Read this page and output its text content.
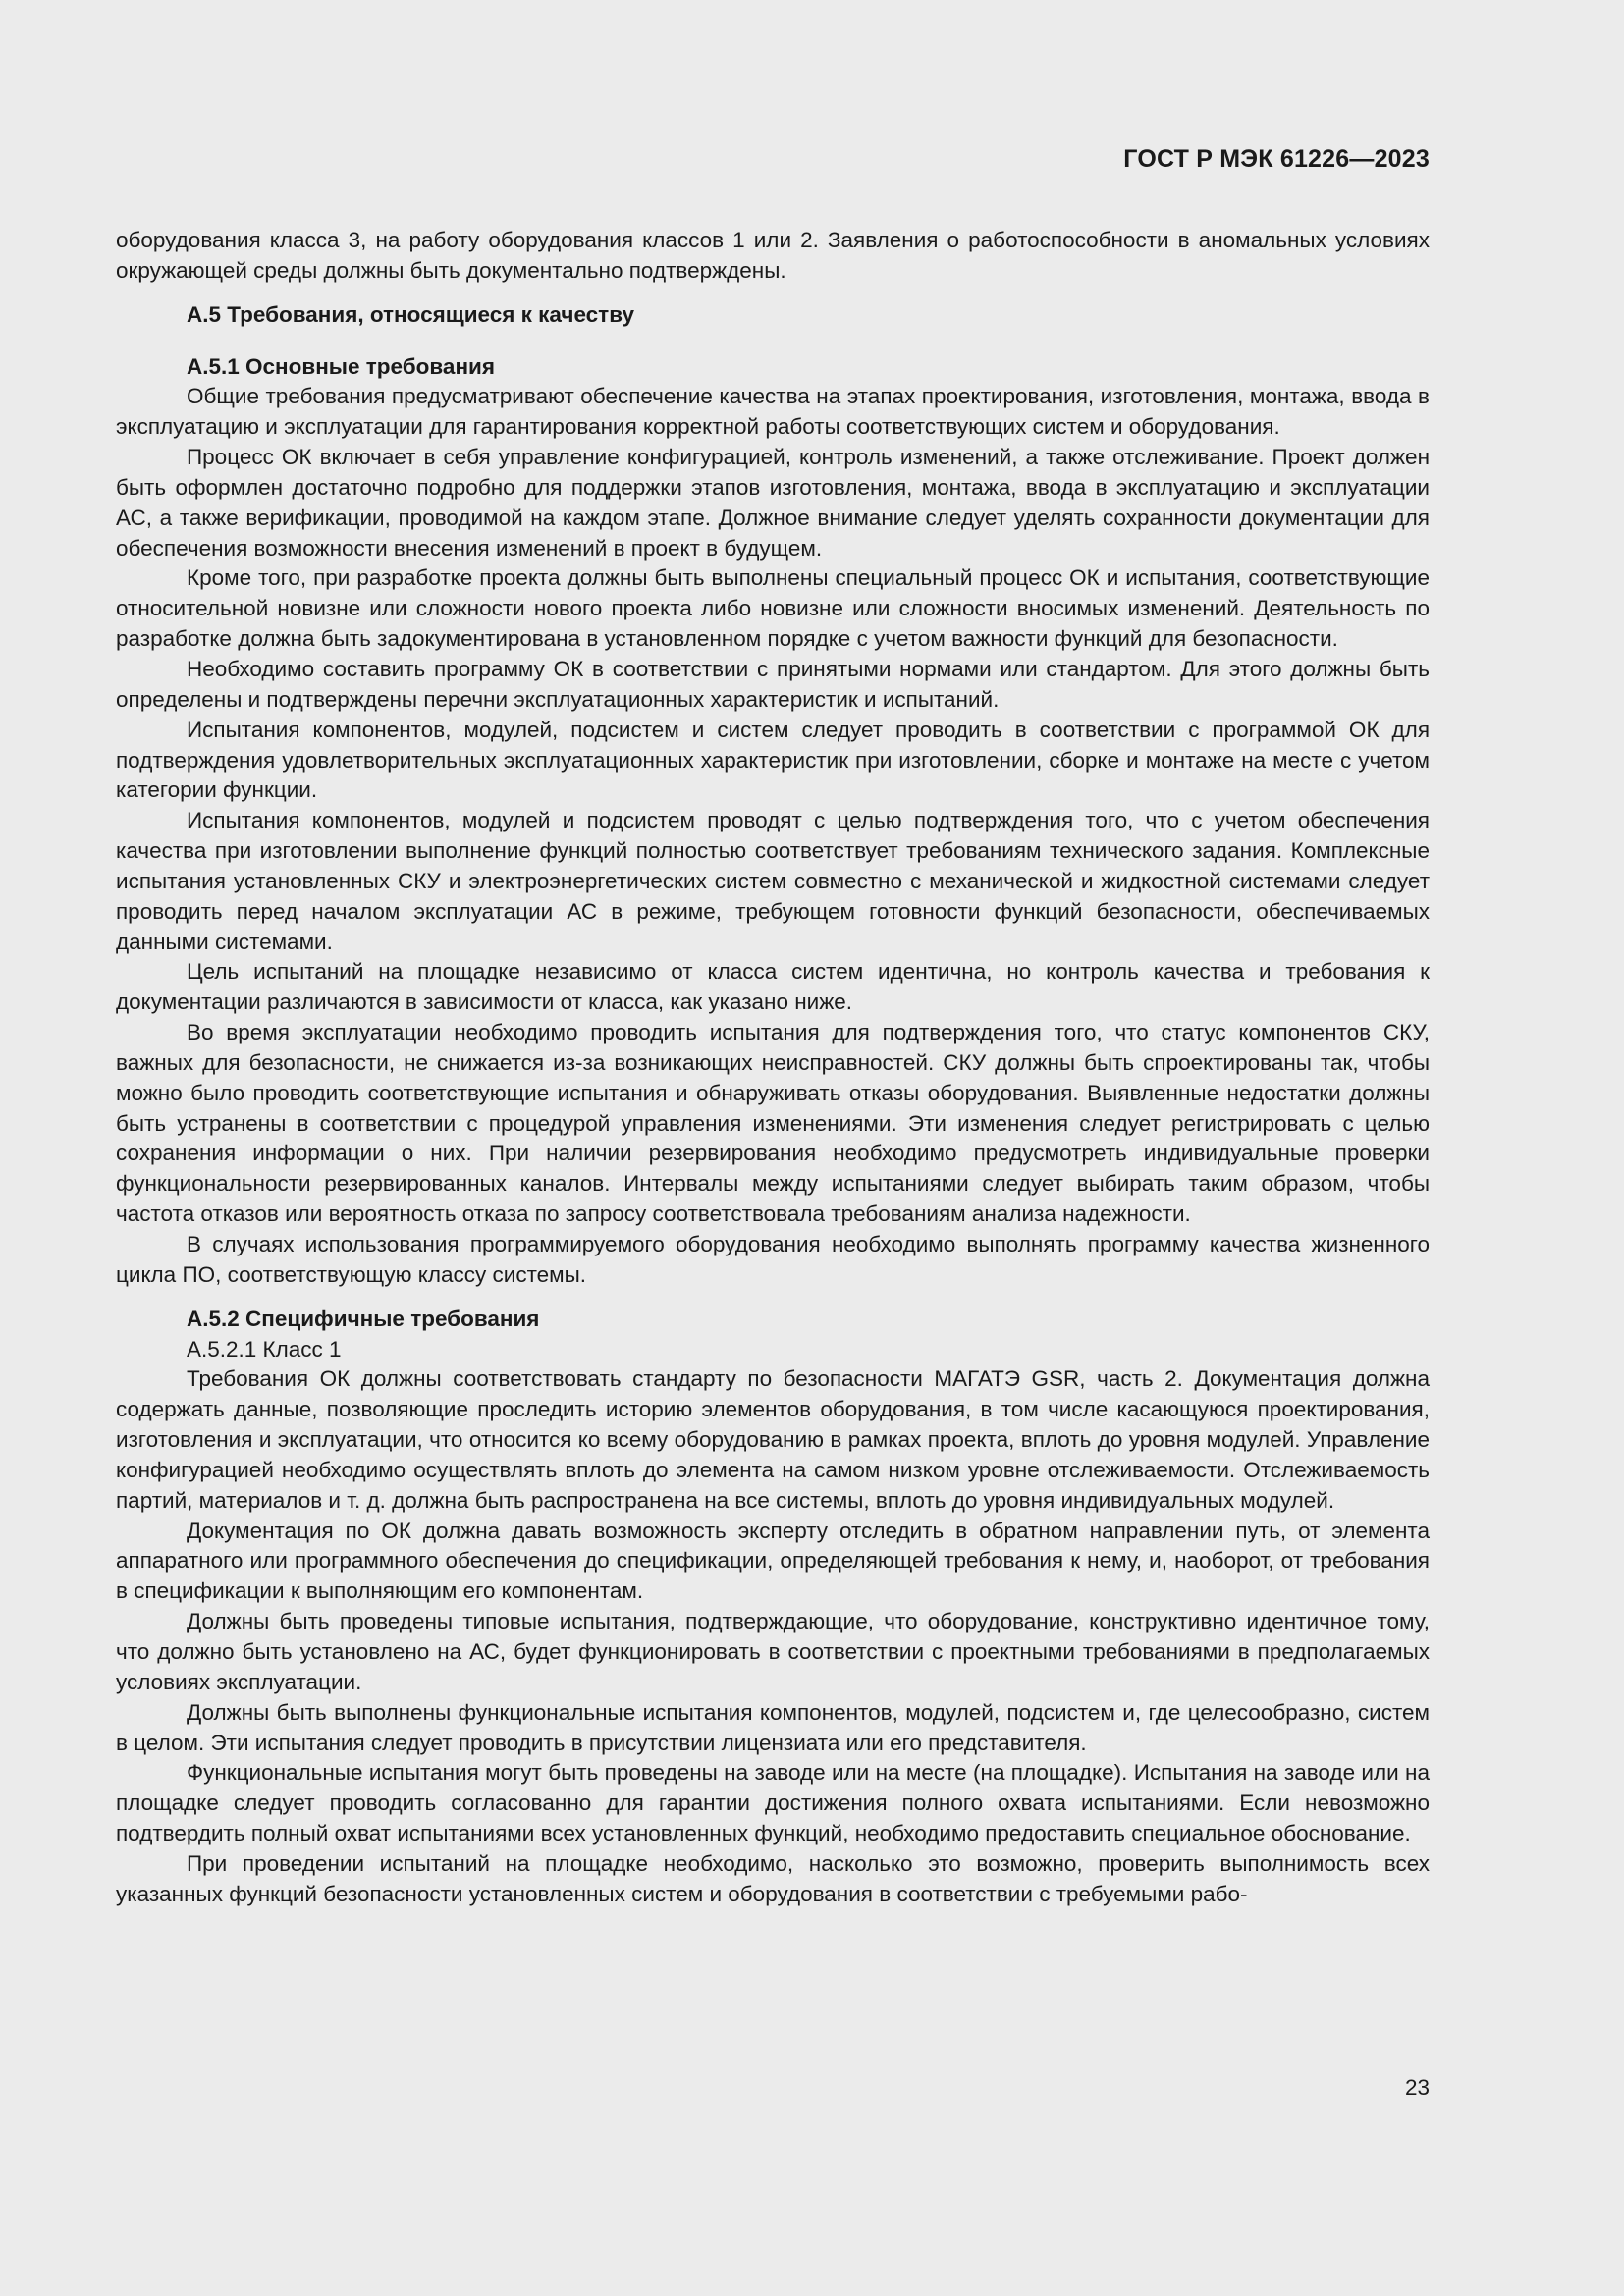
ГОСТ Р МЭК 61226—2023

оборудования класса 3, на работу оборудования классов 1 или 2. Заявления о работоспособности в аномальных условиях окружающей среды должны быть документально подтверждены.

А.5 Требования, относящиеся к качеству
А.5.1 Основные требования

Общие требования предусматривают обеспечение качества на этапах проектирования, изготовления, монтажа, ввода в эксплуатацию и эксплуатации для гарантирования корректной работы соответствующих систем и оборудования.

Процесс ОК включает в себя управление конфигурацией, контроль изменений, а также отслеживание. Проект должен быть оформлен достаточно подробно для поддержки этапов изготовления, монтажа, ввода в эксплуатацию и эксплуатации АС, а также верификации, проводимой на каждом этапе. Должное внимание следует уделять сохранности документации для обеспечения возможности внесения изменений в проект в будущем.

Кроме того, при разработке проекта должны быть выполнены специальный процесс ОК и испытания, соответствующие относительной новизне или сложности нового проекта либо новизне или сложности вносимых изменений. Деятельность по разработке должна быть задокументирована в установленном порядке с учетом важности функций для безопасности.

Необходимо составить программу ОК в соответствии с принятыми нормами или стандартом. Для этого должны быть определены и подтверждены перечни эксплуатационных характеристик и испытаний.

Испытания компонентов, модулей, подсистем и систем следует проводить в соответствии с программой ОК для подтверждения удовлетворительных эксплуатационных характеристик при изготовлении, сборке и монтаже на месте с учетом категории функции.

Испытания компонентов, модулей и подсистем проводят с целью подтверждения того, что с учетом обеспечения качества при изготовлении выполнение функций полностью соответствует требованиям технического задания. Комплексные испытания установленных СКУ и электроэнергетических систем совместно с механической и жидкостной системами следует проводить перед началом эксплуатации АС в режиме, требующем готовности функций безопасности, обеспечиваемых данными системами.

Цель испытаний на площадке независимо от класса систем идентична, но контроль качества и требования к документации различаются в зависимости от класса, как указано ниже.

Во время эксплуатации необходимо проводить испытания для подтверждения того, что статус компонентов СКУ, важных для безопасности, не снижается из-за возникающих неисправностей. СКУ должны быть спроектированы так, чтобы можно было проводить соответствующие испытания и обнаруживать отказы оборудования. Выявленные недостатки должны быть устранены в соответствии с процедурой управления изменениями. Эти изменения следует регистрировать с целью сохранения информации о них. При наличии резервирования необходимо предусмотреть индивидуальные проверки функциональности резервированных каналов. Интервалы между испытаниями следует выбирать таким образом, чтобы частота отказов или вероятность отказа по запросу соответствовала требованиям анализа надежности.

В случаях использования программируемого оборудования необходимо выполнять программу качества жизненного цикла ПО, соответствующую классу системы.

А.5.2 Специфичные требования
А.5.2.1 Класс 1

Требования ОК должны соответствовать стандарту по безопасности МАГАТЭ GSR, часть 2. Документация должна содержать данные, позволяющие проследить историю элементов оборудования, в том числе касающуюся проектирования, изготовления и эксплуатации, что относится ко всему оборудованию в рамках проекта, вплоть до уровня модулей. Управление конфигурацией необходимо осуществлять вплоть до элемента на самом низком уровне отслеживаемости. Отслеживаемость партий, материалов и т. д. должна быть распространена на все системы, вплоть до уровня индивидуальных модулей.

Документация по ОК должна давать возможность эксперту отследить в обратном направлении путь, от элемента аппаратного или программного обеспечения до спецификации, определяющей требования к нему, и, наоборот, от требования в спецификации к выполняющим его компонентам.

Должны быть проведены типовые испытания, подтверждающие, что оборудование, конструктивно идентичное тому, что должно быть установлено на АС, будет функционировать в соответствии с проектными требованиями в предполагаемых условиях эксплуатации.

Должны быть выполнены функциональные испытания компонентов, модулей, подсистем и, где целесообразно, систем в целом. Эти испытания следует проводить в присутствии лицензиата или его представителя.

Функциональные испытания могут быть проведены на заводе или на месте (на площадке). Испытания на заводе или на площадке следует проводить согласованно для гарантии достижения полного охвата испытаниями. Если невозможно подтвердить полный охват испытаниями всех установленных функций, необходимо предоставить специальное обоснование.

При проведении испытаний на площадке необходимо, насколько это возможно, проверить выполнимость всех указанных функций безопасности установленных систем и оборудования в соответствии с требуемыми рабо-

23
